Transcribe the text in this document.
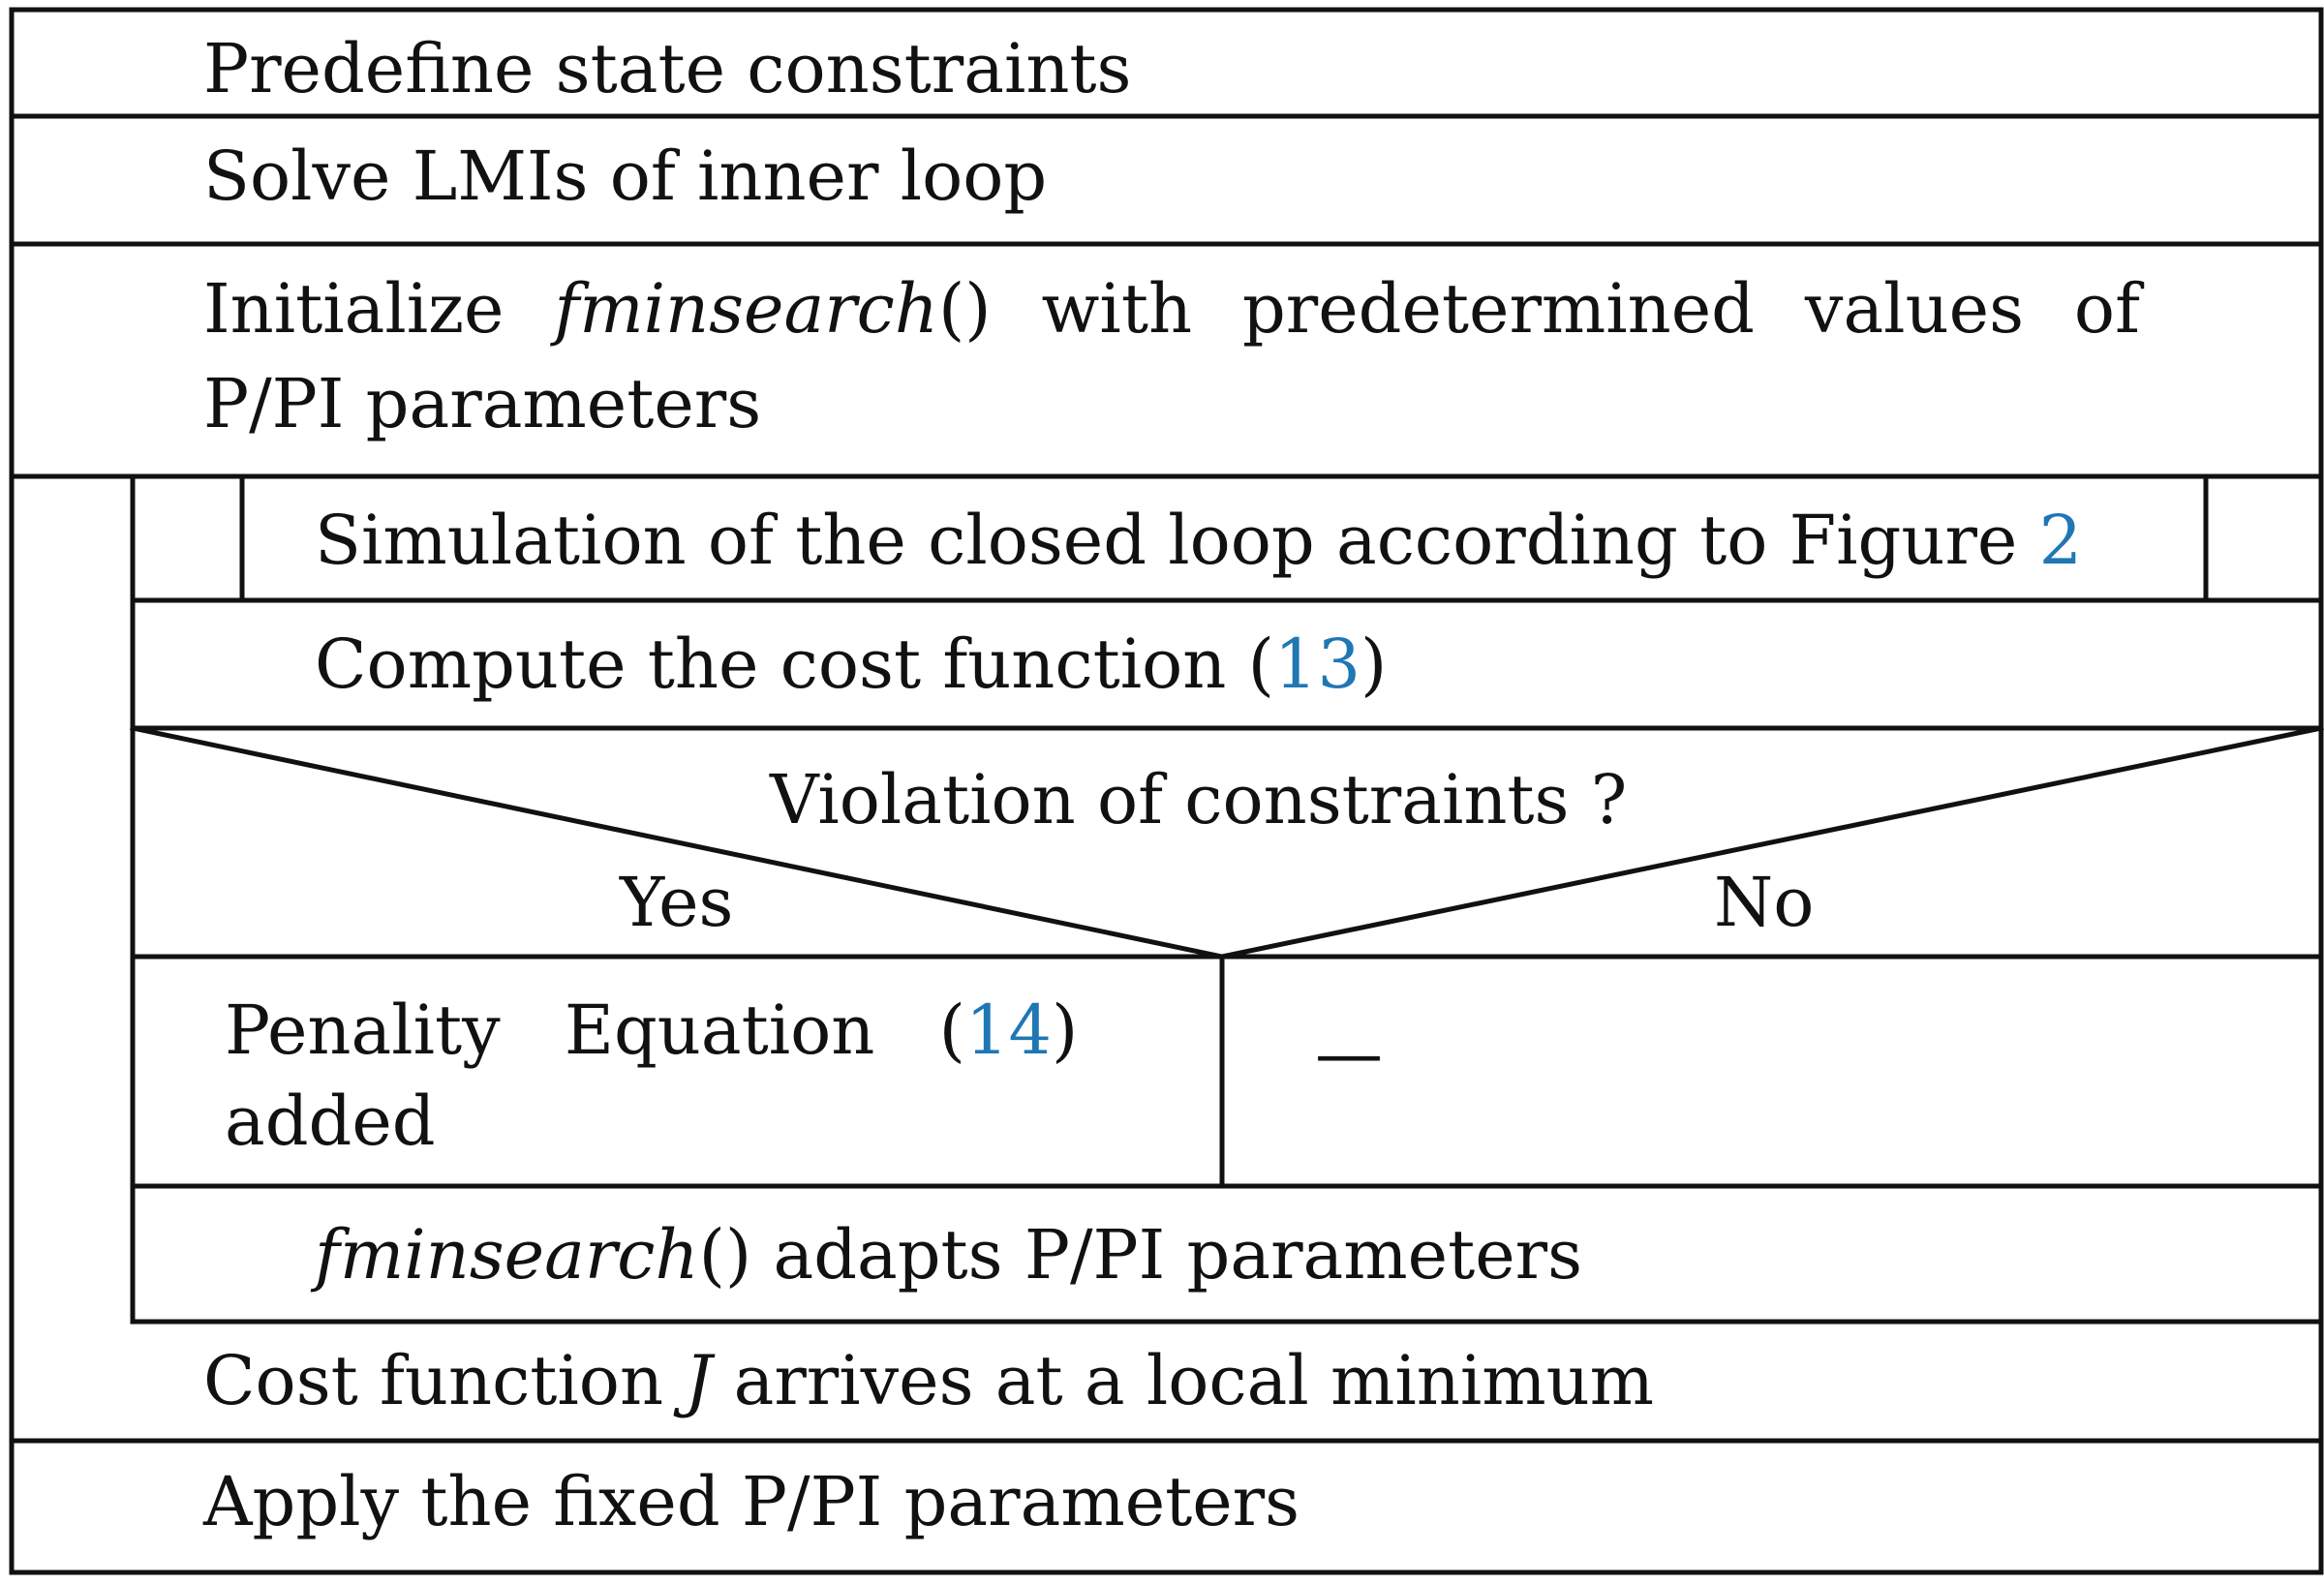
Predefine state constraints
Solve LMIs of inner loop
Initialize fminsearch() with predetermined values of P/PI parameters
Simulation of the closed loop according to Figure 2
Compute the cost function (13)
Violation of constraints ?
Yes	No
Penality Equation (14)
added
—
fminsearch() adapts P/PI parameters
Cost function J arrives at a local minimum
Apply the fixed P/PI parameters
